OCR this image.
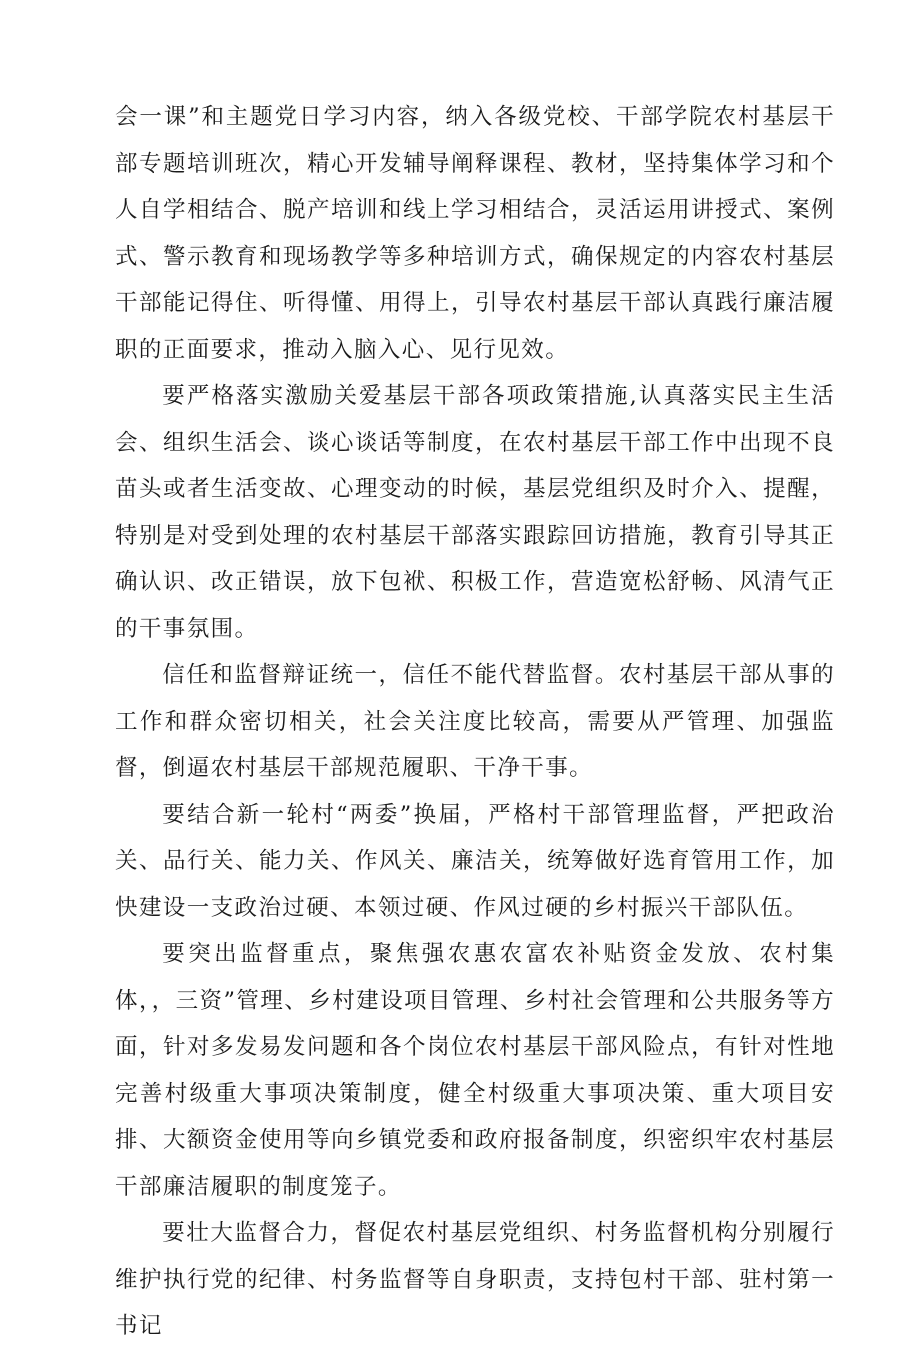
会一课”和主题党日学习内容，纳入各级党校、干部学院农村基层干部专题培训班次，精心开发辅导阐释课程、教材，坚持集体学习和个人自学相结合、脱产培训和线上学习相结合，灵活运用讲授式、案例式、警示教育和现场教学等多种培训方式，确保规定的内容农村基层干部能记得住、听得懂、用得上，引导农村基层干部认真践行廉洁履职的正面要求，推动入脑入心、见行见效。

要严格落实激励关爱基层干部各项政策措施,认真落实民主生活会、组织生活会、谈心谈话等制度，在农村基层干部工作中出现不良苗头或者生活变故、心理变动的时候，基层党组织及时介入、提醒，特别是对受到处理的农村基层干部落实跟踪回访措施，教育引导其正确认识、改正错误，放下包袱、积极工作，营造宽松舒畅、风清气正的干事氛围。

信任和监督辩证统一，信任不能代替监督。农村基层干部从事的工作和群众密切相关，社会关注度比较高，需要从严管理、加强监督，倒逼农村基层干部规范履职、干净干事。

要结合新一轮村“两委”换届，严格村干部管理监督，严把政治关、品行关、能力关、作风关、廉洁关，统筹做好选育管用工作，加快建设一支政治过硬、本领过硬、作风过硬的乡村振兴干部队伍。

要突出监督重点，聚焦强农惠农富农补贴资金发放、农村集体，，三资”管理、乡村建设项目管理、乡村社会管理和公共服务等方面，针对多发易发问题和各个岗位农村基层干部风险点，有针对性地完善村级重大事项决策制度，健全村级重大事项决策、重大项目安排、大额资金使用等向乡镇党委和政府报备制度，织密织牢农村基层干部廉洁履职的制度笼子。

要壮大监督合力，督促农村基层党组织、村务监督机构分别履行维护执行党的纪律、村务监督等自身职责，支持包村干部、驻村第一书记
